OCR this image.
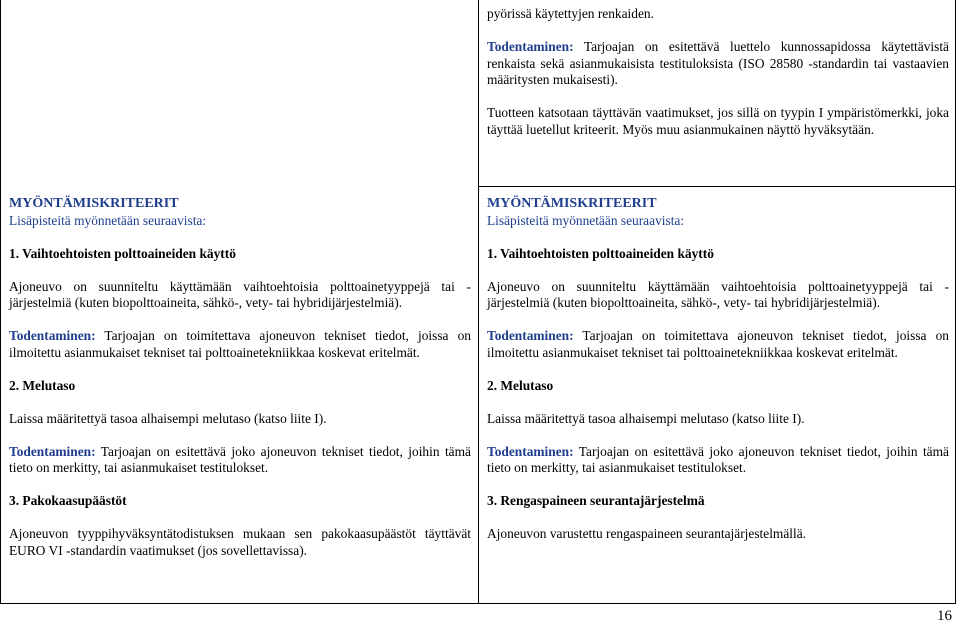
pyörissä käytettyjen renkaiden.

Todentaminen: Tarjoajan on esitettävä luettelo kunnossapidossa käytettävistä renkaista sekä asianmukaisista testituloksista (ISO 28580 -standardin tai vastaavien määritysten mukaisesti).

Tuotteen katsotaan täyttävän vaatimukset, jos sillä on tyypin I ympäristömerkki, joka täyttää luetellut kriteerit. Myös muu asianmukainen näyttö hyväksytään.

MYÖNTÄMISKRITEERIT

Lisäpisteitä myönnetään seuraavista:

1. Vaihtoehtoisten polttoaineiden käyttö

Ajoneuvo on suunniteltu käyttämään vaihtoehtoisia polttoainetyyppejä tai -järjestelmiä (kuten biopolttoaineita, sähkö-, vety- tai hybridijärjestelmiä).

Todentaminen: Tarjoajan on toimitettava ajoneuvon tekniset tiedot, joissa on ilmoitettu asianmukaiset tekniset tai polttoainetekniikkaa koskevat eritelmät.

2. Melutaso

Laissa määritettyä tasoa alhaisempi melutaso (katso liite I).

Todentaminen: Tarjoajan on esitettävä joko ajoneuvon tekniset tiedot, joihin tämä tieto on merkitty, tai asianmukaiset testitulokset.

3. Pakokaasupäästöt

Ajoneuvon tyyppihyväksyntätodistuksen mukaan sen pakokaasupäästöt täyttävät EURO VI -standardin vaatimukset (jos sovellettavissa).

MYÖNTÄMISKRITEERIT

Lisäpisteitä myönnetään seuraavista:

1. Vaihtoehtoisten polttoaineiden käyttö

Ajoneuvo on suunniteltu käyttämään vaihtoehtoisia polttoainetyyppejä tai -järjestelmiä (kuten biopolttoaineita, sähkö-, vety- tai hybridijärjestelmiä).

Todentaminen: Tarjoajan on toimitettava ajoneuvon tekniset tiedot, joissa on ilmoitettu asianmukaiset tekniset tai polttoainetekniikkaa koskevat eritelmät.

2. Melutaso

Laissa määritettyä tasoa alhaisempi melutaso (katso liite I).

Todentaminen: Tarjoajan on esitettävä joko ajoneuvon tekniset tiedot, joihin tämä tieto on merkitty, tai asianmukaiset testitulokset.

3. Rengaspaineen seurantajärjestelmä

Ajoneuvon varustettu rengaspaineen seurantajärjestelmällä.

16
